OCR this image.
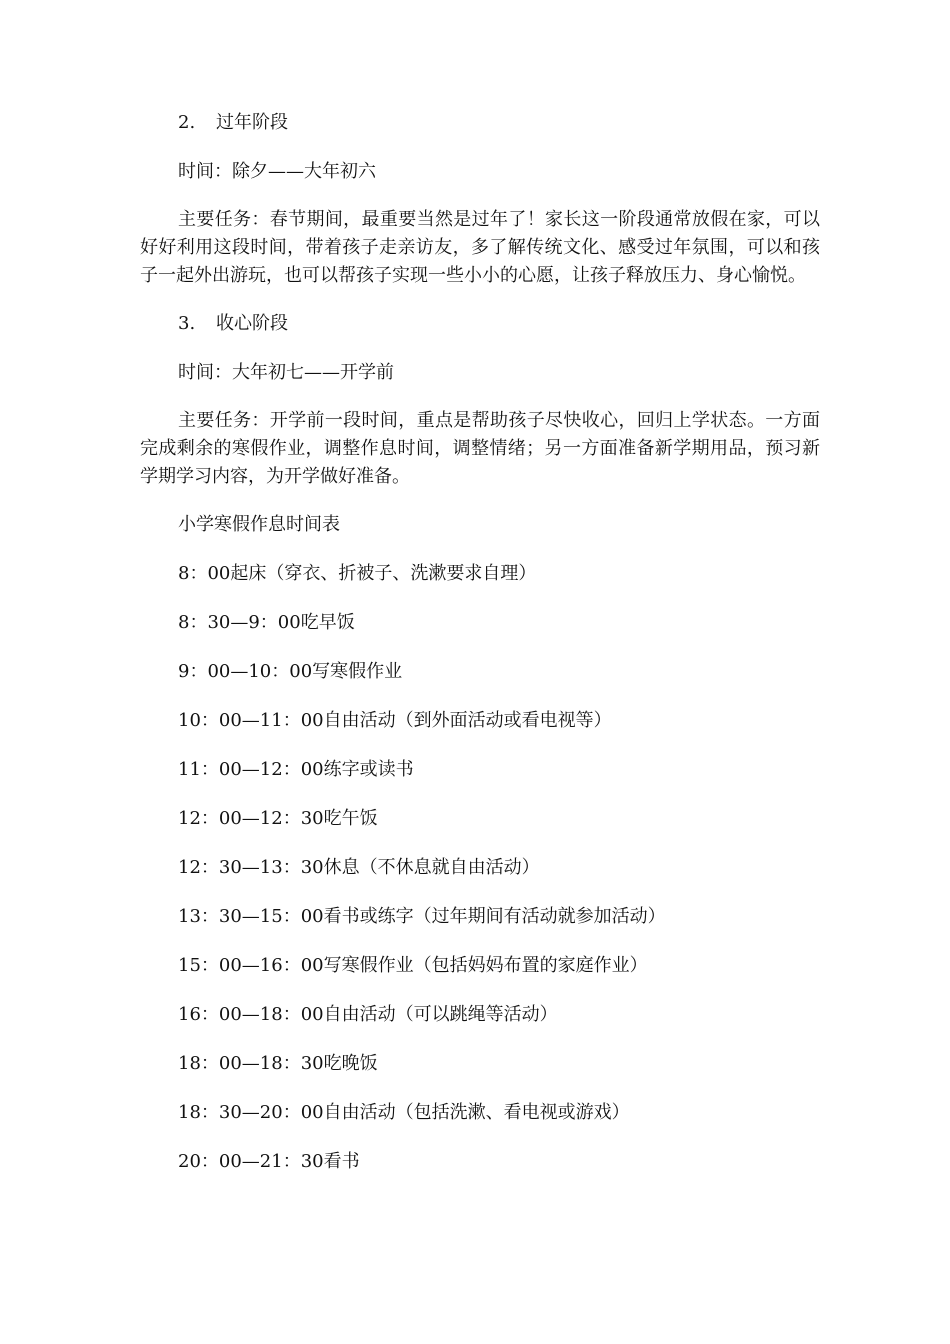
2. 过年阶段

时间：除夕——大年初六

主要任务：春节期间，最重要当然是过年了！家长这一阶段通常放假在家，可以好好利用这段时间，带着孩子走亲访友，多了解传统文化、感受过年氛围，可以和孩子一起外出游玩，也可以帮孩子实现一些小小的心愿，让孩子释放压力、身心愉悦。

3. 收心阶段

时间：大年初七——开学前

主要任务：开学前一段时间，重点是帮助孩子尽快收心，回归上学状态。一方面完成剩余的寒假作业，调整作息时间，调整情绪；另一方面准备新学期用品，预习新学期学习内容，为开学做好准备。

小学寒假作息时间表

8：00起床（穿衣、折被子、洗漱要求自理）

8：30—9：00吃早饭

9：00—10：00写寒假作业

10：00—11：00自由活动（到外面活动或看电视等）

11：00—12：00练字或读书

12：00—12：30吃午饭

12：30—13：30休息（不休息就自由活动）

13：30—15：00看书或练字（过年期间有活动就参加活动）

15：00—16：00写寒假作业（包括妈妈布置的家庭作业）

16：00—18：00自由活动（可以跳绳等活动）

18：00—18：30吃晚饭

18：30—20：00自由活动（包括洗漱、看电视或游戏）

20：00—21：30看书
